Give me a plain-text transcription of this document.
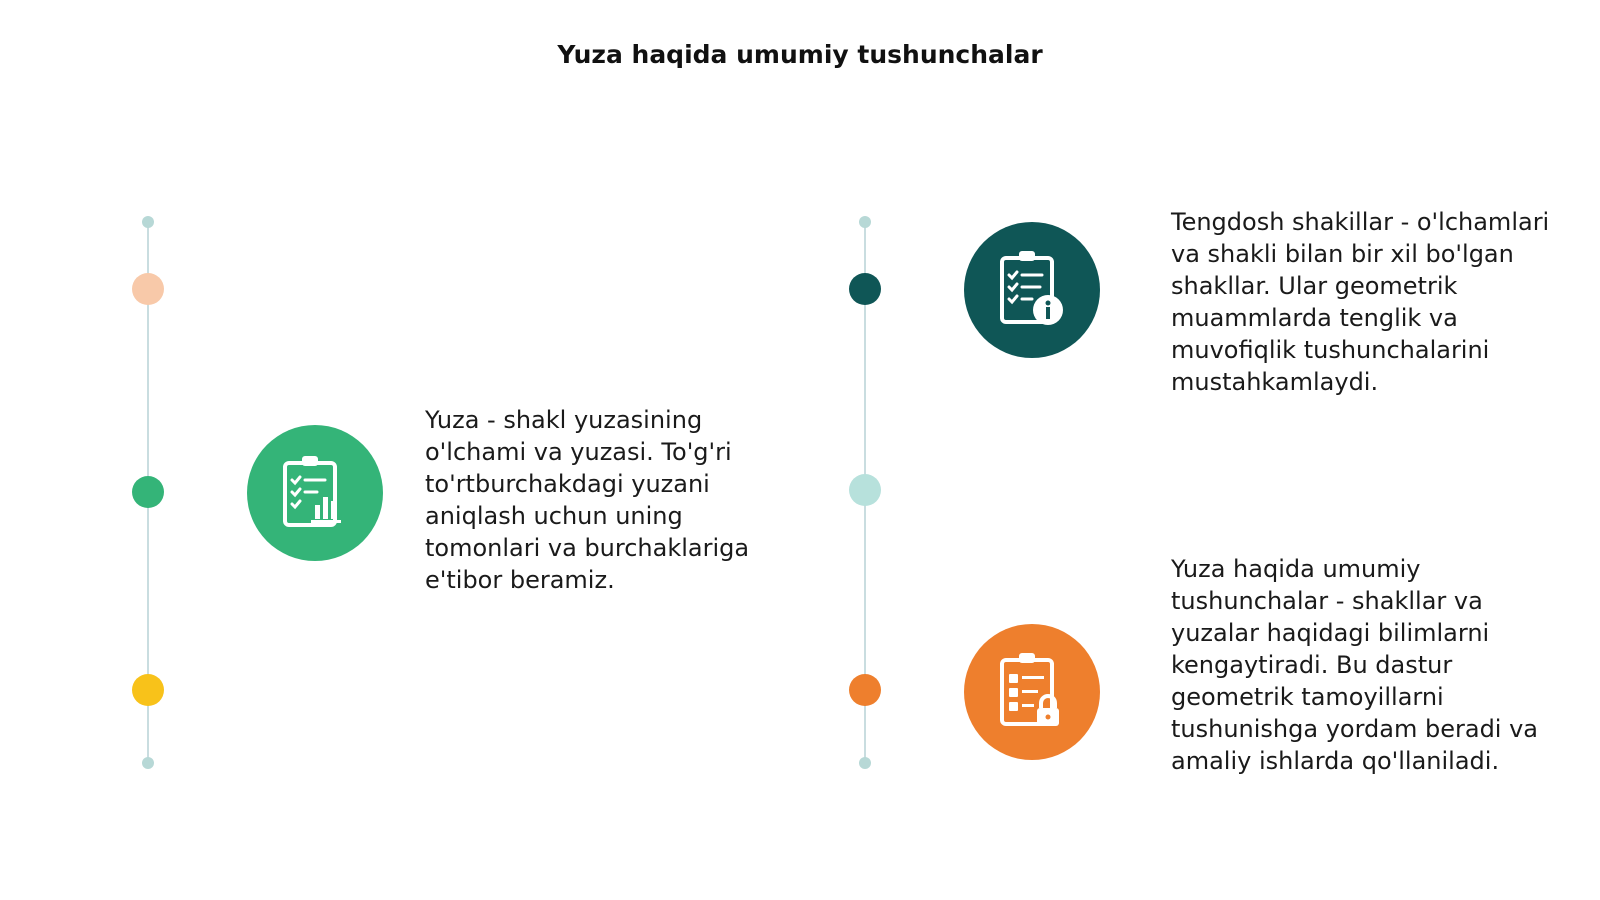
Yuza haqida umumiy tushunchalar

Yuza - shakl yuzasining o'lchami va yuzasi. To'g'ri to'rtburchakdagi yuzani aniqlash uchun uning tomonlari va burchaklariga e'tibor beramiz.

Tengdosh shakillar - o'lchamlari va shakli bilan bir xil bo'lgan shakllar. Ular geometrik muammlarda tenglik va muvofiqlik tushunchalarini mustahkamlaydi.

Yuza haqida umumiy tushunchalar - shakllar va yuzalar haqidagi bilimlarni kengaytiradi. Bu dastur geometrik tamoyillarni tushunishga yordam beradi va amaliy ishlarda qo'llaniladi.
